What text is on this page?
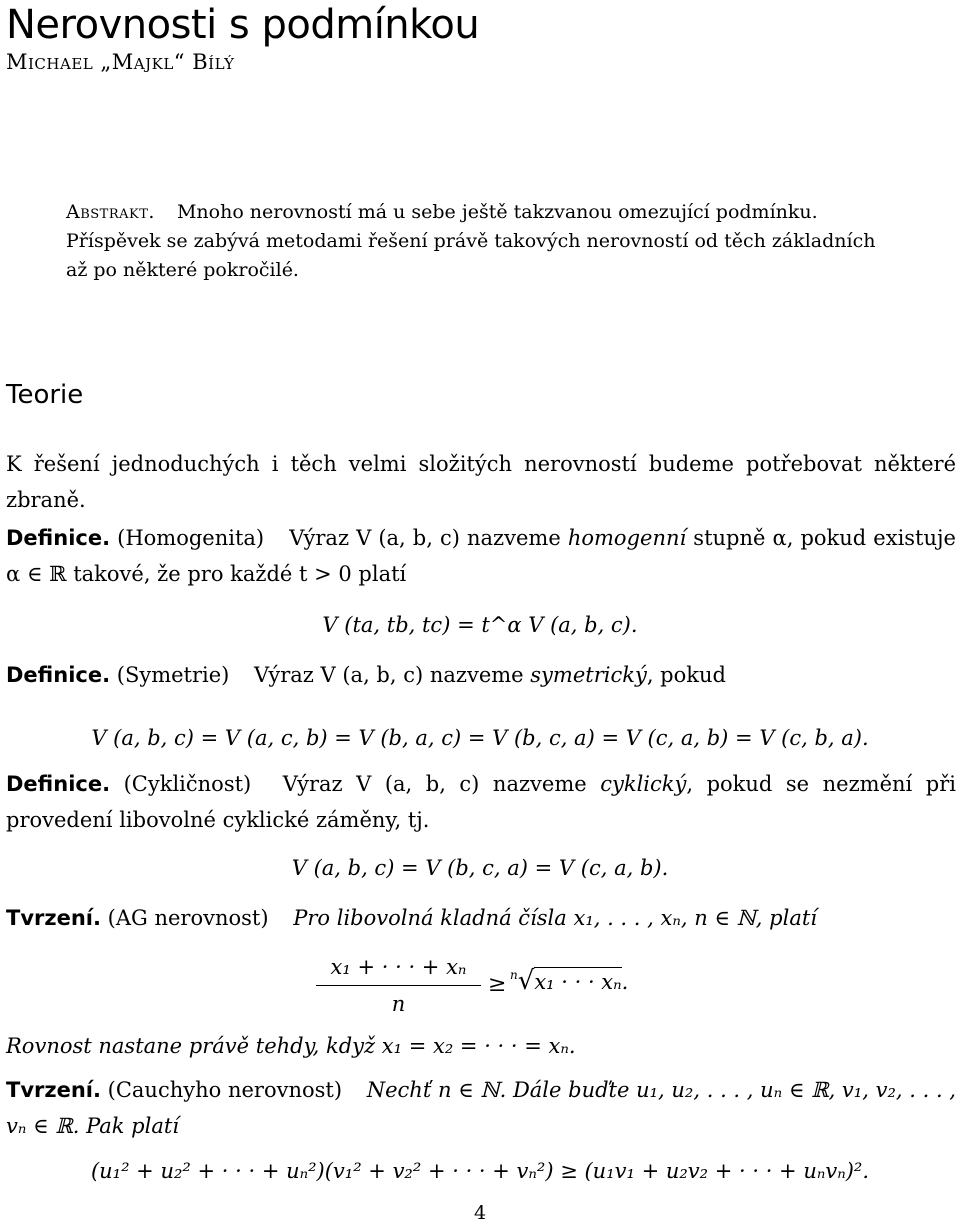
Nerovnosti s podmínkou
Michael „Majkl“ Bílý
Abstrakt. Mnoho nerovností má u sebe ještě takzvanou omezující podmínku. Příspěvek se zabývá metodami řešení právě takových nerovností od těch základních až po některé pokročilé.
Teorie
K řešení jednoduchých i těch velmi složitých nerovností budeme potřebovat některé zbraně.
Definice. (Homogenita) Výraz V (a, b, c) nazveme homogenní stupně α, pokud existuje α ∈ ℝ takové, že pro každé t > 0 platí
V (ta, tb, tc) = t^α V (a, b, c).
Definice. (Symetrie) Výraz V (a, b, c) nazveme symetrický, pokud
V (a, b, c) = V (a, c, b) = V (b, a, c) = V (b, c, a) = V (c, a, b) = V (c, b, a).
Definice. (Cykličnost) Výraz V (a, b, c) nazveme cyklický, pokud se nezmění při provedení libovolné cyklické záměny, tj.
V (a, b, c) = V (b, c, a) = V (c, a, b).
Tvrzení. (AG nerovnost) Pro libovolná kladná čísla x₁, . . . , xₙ, n ∈ ℕ, platí
x₁ + · · · + xₙ
n
≥ $^n$√x₁ · · · xₙ.
Rovnost nastane právě tehdy, když x₁ = x₂ = · · · = xₙ.
Tvrzení. (Cauchyho nerovnost) Nechť n ∈ ℕ. Dále buďte u₁, u₂, . . . , uₙ ∈ ℝ, v₁, v₂, . . . , vₙ ∈ ℝ. Pak platí
(u₁² + u₂² + · · · + uₙ²)(v₁² + v₂² + · · · + vₙ²) ≥ (u₁v₁ + u₂v₂ + · · · + uₙvₙ)².
4
